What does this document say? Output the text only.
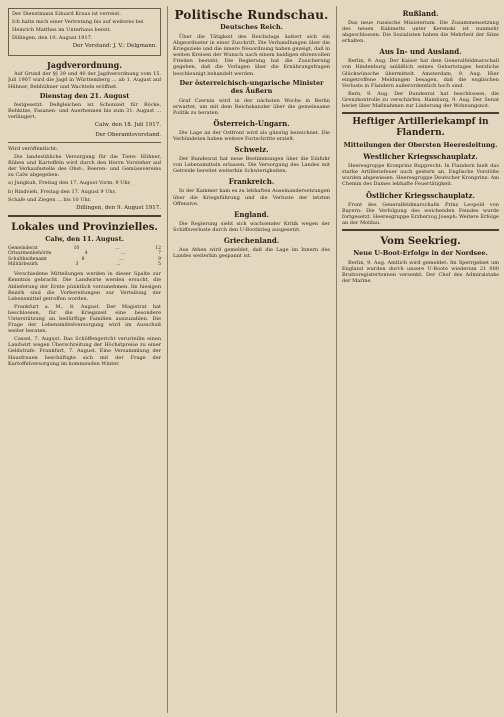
Der Dienstmann Eduard Kraus ist verreist.
Ich halte mich einer Vertretung bis auf weiteres bei
Heinrich Matthes im Unterhaus bereit.
Dillingen, den 10. August 1917.
Der Vorstand: J. V.: Delgmann.
Jagdverordnung.
Auf Grund der §§ 39 und 40 der Jagdverordnung vom 15. Juli 1907 wird die Jagd in Württemberg ... ab 1. August auf Hühner, Rebhühner und Wachteln eröffnet.
Dienstag den 21. August
festgesetzt. Deßgleichen ist Schonzeit für Böcke, Rehkitze, Fasanen- und Auerhennen bis zum 31. August ... verlängert.
Calw, den 18. Juli 1917.
Der Oberamtsvorstand.
Wird veröffentlicht:
Die landesübliche Versorgung für die Tiere: Hühner, Rüben und Kartoffeln wird durch den Herrn Vorsteher auf der Verkaufsstelle des Obst-, Beeren- und Gemüsevereins zu Calw abgegeben:
a) Jungkuh, Freitag den 17. August Vorm. 9 Uhr,
b) Rindvieh, Freitag den 17. August 9 Uhr,
Schafe und Ziegen ... bis 10 Uhr.
Dillingen, den 9. August 1917.
Lokales und Provinzielles.
Calw, den 11. August.
Gemeinderat	10	...	12
Ortsarmenbehörde	4	...	7
Schultheißenamt	8	...	9
Militärbezirk	3	...	5
Verschiedene Mitteilungen werden in dieser Spalte zur Kenntnis gebracht. Die Landwirte werden ersucht, die Ablieferung der Ernte pünktlich vorzunehmen. Im hiesigen Bezirk sind die Vorbereitungen zur Verteilung der Lebensmittel getroffen worden.
Frankfurt a. M., 8. August. Der Magistrat hat beschlossen, für die Kriegszeit eine besondere Unterstützung an bedürftige Familien auszuzahlen. Die Frage der Lebensmittelversorgung wird im Ausschuß weiter beraten.
Cassel, 7. August. Das Schöffengericht verurteilte einen Landwirt wegen Überschreitung der Höchstpreise zu einer Geldstrafe. Frankfurt, 7. August. Eine Versammlung der Hausfrauen beschäftigte sich mit der Frage der Kartoffelversorgung im kommenden Winter.
Politische Rundschau.
Deutsches Reich.
Über die Tätigkeit des Reichstags äußert sich ein Abgeordneter in einer Zuschrift. Die Verhandlungen über die Kriegsziele und die innere Neuordnung haben gezeigt, daß in weiten Kreisen der Wunsch nach einem baldigen ehrenvollen Frieden besteht. Die Regierung hat die Zusicherung gegeben, daß die Vorlagen über die Ernährungsfragen beschleunigt behandelt werden.
Der österreichisch-ungarische Minister des Äußern
Graf Czernin wird in der nächsten Woche in Berlin erwartet, um mit dem Reichskanzler über die gemeinsame Politik zu beraten.
Österreich-Ungarn.
Die Lage an der Ostfront wird als günstig bezeichnet. Die Verbündeten haben weitere Fortschritte erzielt.
Schweiz.
Der Bundesrat hat neue Bestimmungen über die Einfuhr von Lebensmitteln erlassen. Die Versorgung des Landes mit Getreide bereitet weiterhin Schwierigkeiten.
Frankreich.
In der Kammer kam es zu lebhaften Auseinandersetzungen über die Kriegsführung und die Verluste der letzten Offensive.
England.
Die Regierung sieht sich wachsender Kritik wegen der Schiffsverluste durch den U-Bootkrieg ausgesetzt.
Griechenland.
Aus Athen wird gemeldet, daß die Lage im Innern des Landes weiterhin gespannt ist.
Rußland.
Das neue russische Ministerium. Die Zusammensetzung des neuen Kabinetts unter Kerenski ist nunmehr abgeschlossen. Die Sozialisten haben die Mehrheit der Sitze erhalten.
Aus In- und Ausland.
Berlin, 9. Aug. Der Kaiser hat dem Generalfeldmarschall von Hindenburg anläßlich seines Geburtstages herzliche Glückwünsche übermittelt. Amsterdam, 9. Aug. Hier eingetroffene Meldungen besagen, daß die englischen Verluste in Flandern außerordentlich hoch sind.
Bern, 9. Aug. Der Bundesrat hat beschlossen, die Grenzkontrolle zu verschärfen. Hamburg, 9. Aug. Der Senat beriet über Maßnahmen zur Linderung der Wohnungsnot.
Heftiger Artilleriekampf in Flandern.
Mitteilungen der Obersten Heeresleitung.
Westlicher Kriegsschauplatz.
Heeresgruppe Kronprinz Rupprecht: In Flandern hielt das starke Artilleriefeuer auch gestern an. Englische Vorstöße wurden abgewiesen. Heeresgruppe Deutscher Kronprinz: Am Chemin des Dames lebhafte Feuertätigkeit.
Östlicher Kriegsschauplatz.
Front des Generalfeldmarschalls Prinz Leopold von Bayern: Die Verfolgung des weichenden Feindes wurde fortgesetzt. Heeresgruppe Erzherzog Joseph: Weitere Erfolge an der Moldau.
Vom Seekrieg.
Neue U-Boot-Erfolge in der Nordsee.
Berlin, 9. Aug. Amtlich wird gemeldet: Im Sperrgebiet um England wurden durch unsere U-Boote wiederum 21 000 Bruttoregistertonnen versenkt. Der Chef des Admiralstabs der Marine.
